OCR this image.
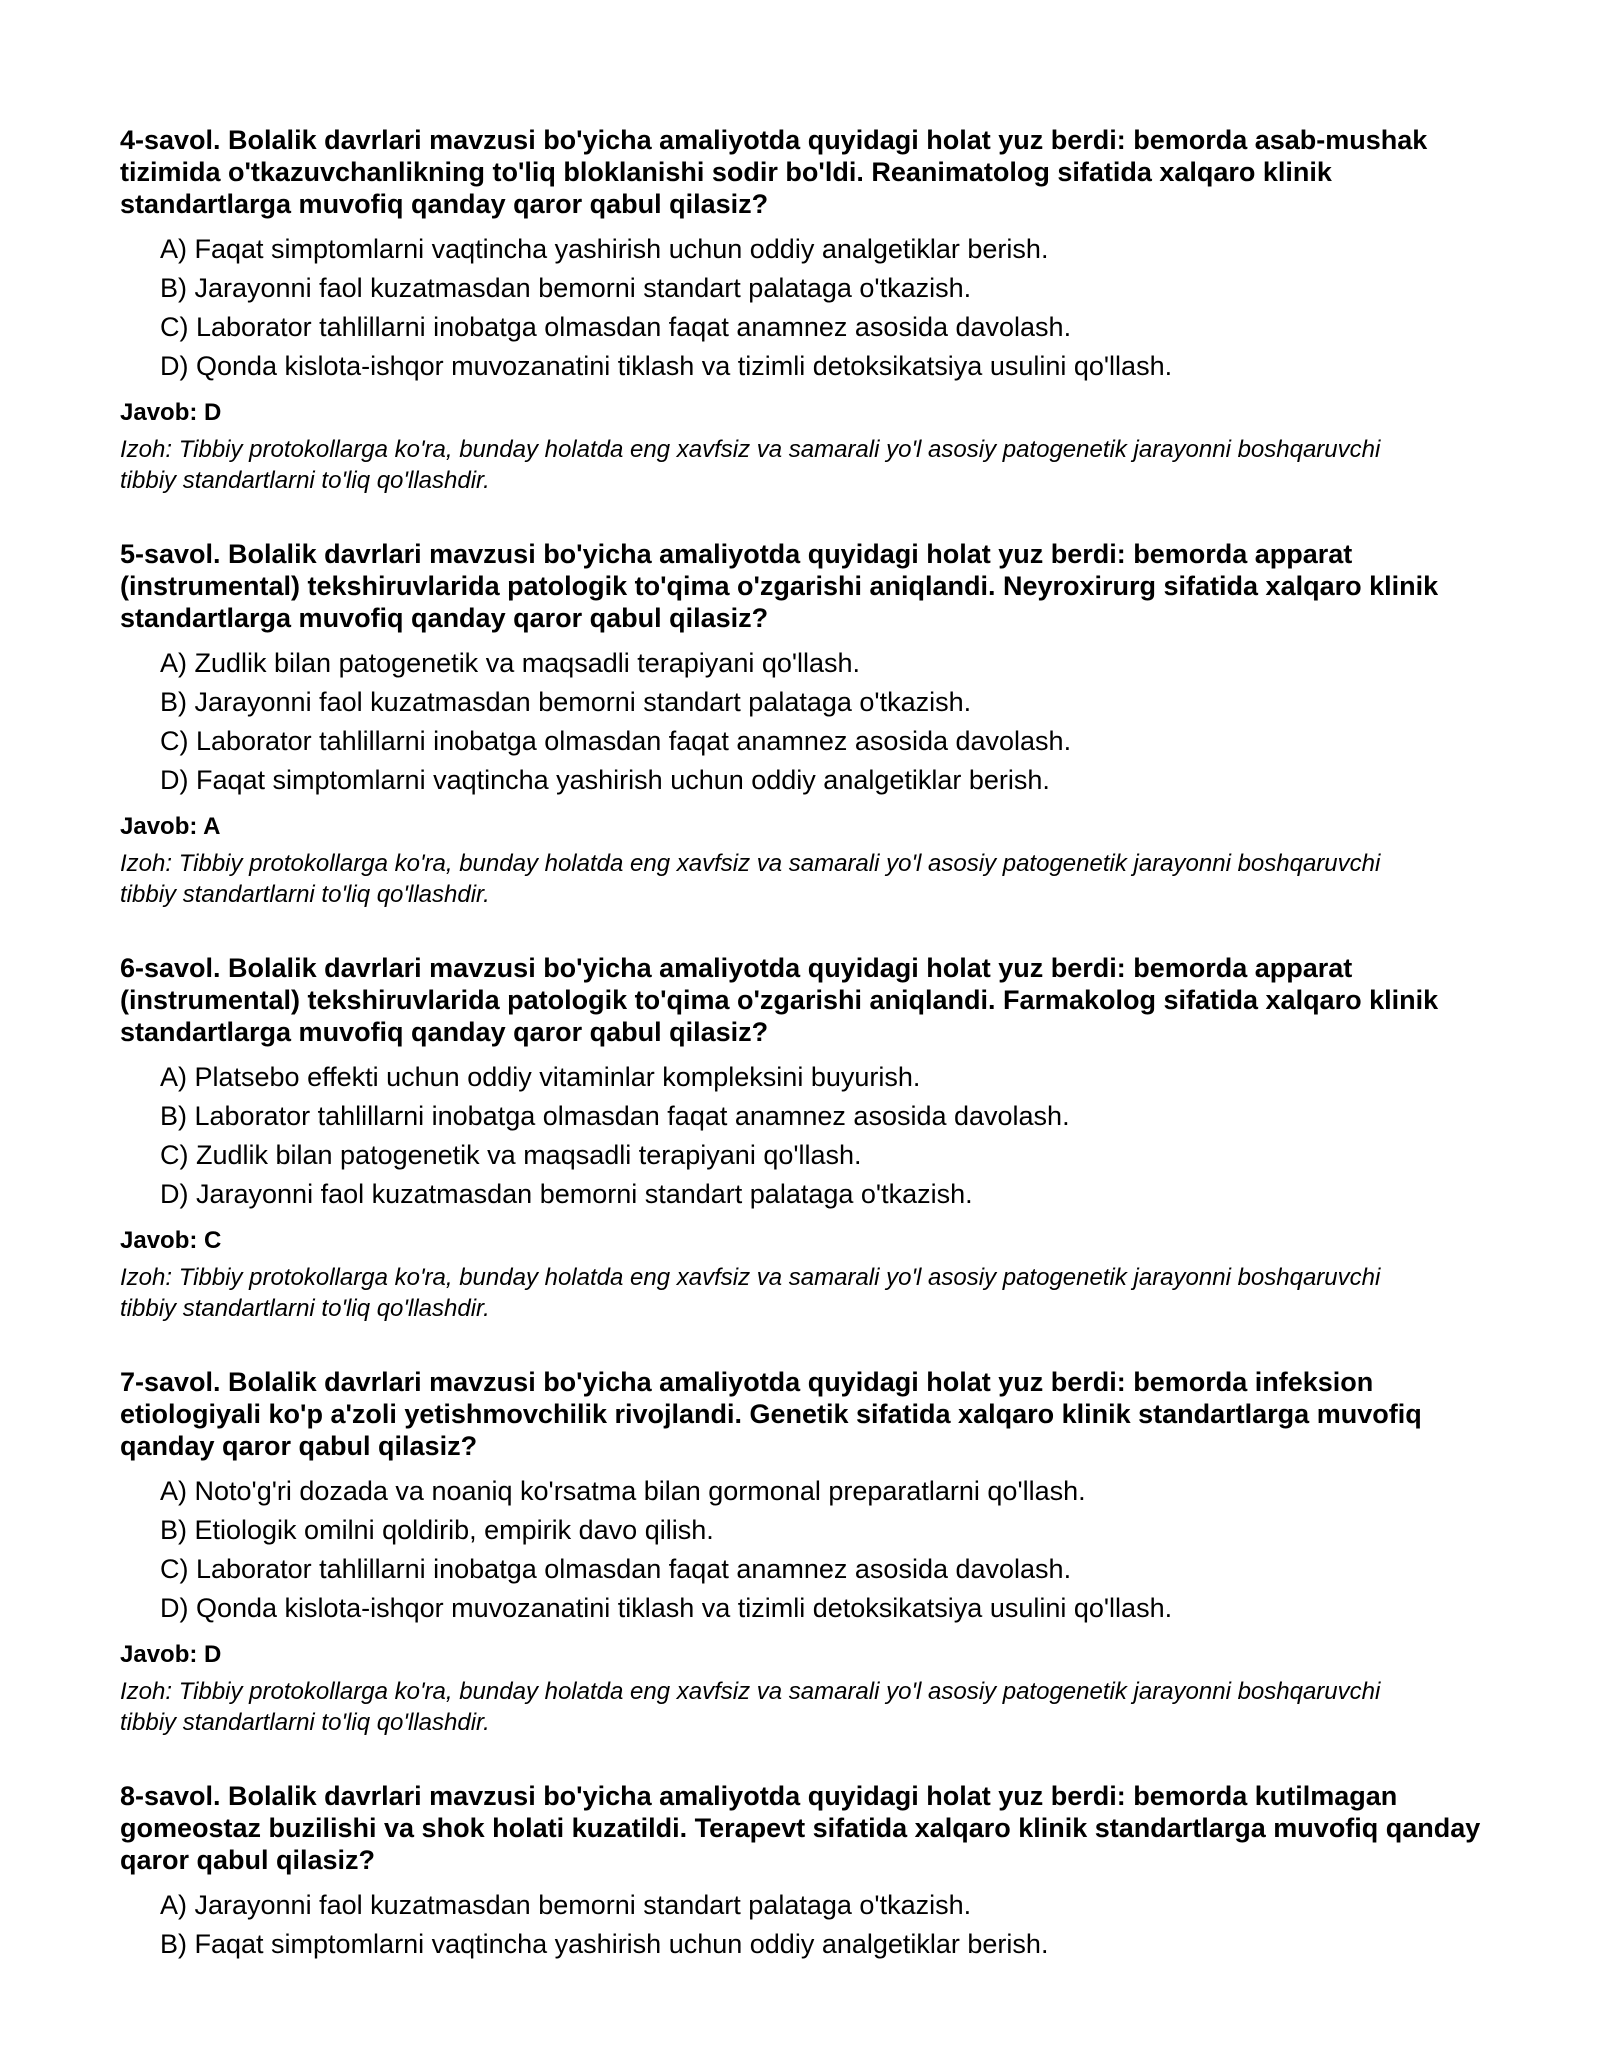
4-savol. Bolalik davrlari mavzusi bo'yicha amaliyotda quyidagi holat yuz berdi: bemorda asab-mushak tizimida o'tkazuvchanlikning to'liq bloklanishi sodir bo'ldi. Reanimatolog sifatida xalqaro klinik standartlarga muvofiq qanday qaror qabul qilasiz?

A) Faqat simptomlarni vaqtincha yashirish uchun oddiy analgetiklar berish.
B) Jarayonni faol kuzatmasdan bemorni standart palataga o'tkazish.
C) Laborator tahlillarni inobatga olmasdan faqat anamnez asosida davolash.
D) Qonda kislota-ishqor muvozanatini tiklash va tizimli detoksikatsiya usulini qo'llash.

Javob: D

Izoh: Tibbiy protokollarga ko'ra, bunday holatda eng xavfsiz va samarali yo'l asosiy patogenetik jarayonni boshqaruvchi tibbiy standartlarni to'liq qo'llashdir.

5-savol. Bolalik davrlari mavzusi bo'yicha amaliyotda quyidagi holat yuz berdi: bemorda apparat (instrumental) tekshiruvlarida patologik to'qima o'zgarishi aniqlandi. Neyroxirurg sifatida xalqaro klinik standartlarga muvofiq qanday qaror qabul qilasiz?

A) Zudlik bilan patogenetik va maqsadli terapiyani qo'llash.
B) Jarayonni faol kuzatmasdan bemorni standart palataga o'tkazish.
C) Laborator tahlillarni inobatga olmasdan faqat anamnez asosida davolash.
D) Faqat simptomlarni vaqtincha yashirish uchun oddiy analgetiklar berish.

Javob: A

Izoh: Tibbiy protokollarga ko'ra, bunday holatda eng xavfsiz va samarali yo'l asosiy patogenetik jarayonni boshqaruvchi tibbiy standartlarni to'liq qo'llashdir.

6-savol. Bolalik davrlari mavzusi bo'yicha amaliyotda quyidagi holat yuz berdi: bemorda apparat (instrumental) tekshiruvlarida patologik to'qima o'zgarishi aniqlandi. Farmakolog sifatida xalqaro klinik standartlarga muvofiq qanday qaror qabul qilasiz?

A) Platsebo effekti uchun oddiy vitaminlar kompleksini buyurish.
B) Laborator tahlillarni inobatga olmasdan faqat anamnez asosida davolash.
C) Zudlik bilan patogenetik va maqsadli terapiyani qo'llash.
D) Jarayonni faol kuzatmasdan bemorni standart palataga o'tkazish.

Javob: C

Izoh: Tibbiy protokollarga ko'ra, bunday holatda eng xavfsiz va samarali yo'l asosiy patogenetik jarayonni boshqaruvchi tibbiy standartlarni to'liq qo'llashdir.

7-savol. Bolalik davrlari mavzusi bo'yicha amaliyotda quyidagi holat yuz berdi: bemorda infeksion etiologiyali ko'p a'zoli yetishmovchilik rivojlandi. Genetik sifatida xalqaro klinik standartlarga muvofiq qanday qaror qabul qilasiz?

A) Noto'g'ri dozada va noaniq ko'rsatma bilan gormonal preparatlarni qo'llash.
B) Etiologik omilni qoldirib, empirik davo qilish.
C) Laborator tahlillarni inobatga olmasdan faqat anamnez asosida davolash.
D) Qonda kislota-ishqor muvozanatini tiklash va tizimli detoksikatsiya usulini qo'llash.

Javob: D

Izoh: Tibbiy protokollarga ko'ra, bunday holatda eng xavfsiz va samarali yo'l asosiy patogenetik jarayonni boshqaruvchi tibbiy standartlarni to'liq qo'llashdir.

8-savol. Bolalik davrlari mavzusi bo'yicha amaliyotda quyidagi holat yuz berdi: bemorda kutilmagan gomeostaz buzilishi va shok holati kuzatildi. Terapevt sifatida xalqaro klinik standartlarga muvofiq qanday qaror qabul qilasiz?

A) Jarayonni faol kuzatmasdan bemorni standart palataga o'tkazish.
B) Faqat simptomlarni vaqtincha yashirish uchun oddiy analgetiklar berish.
